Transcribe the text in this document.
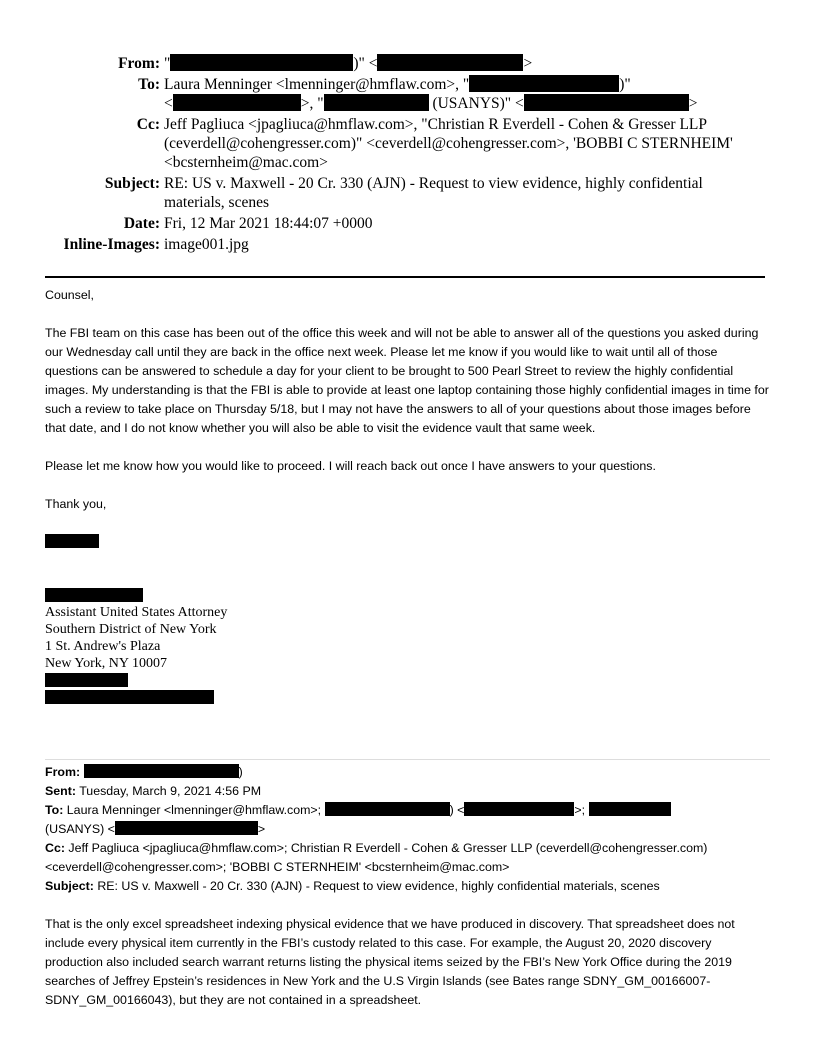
From: "	)" <	>
To: Laura Menninger <lmenninger@hmflaw.com>, "	)"
<	>, "	(USANYS)" <	>
Cc: Jeff Pagliuca <jpagliuca@hmflaw.com>, "Christian R Everdell - Cohen & Gresser LLP (ceverdell@cohengresser.com)" <ceverdell@cohengresser.com>, 'BOBBI C STERNHEIM' <bcsternheim@mac.com>
Subject: RE: US v. Maxwell - 20 Cr. 330 (AJN) - Request to view evidence, highly confidential materials, scenes
Date: Fri, 12 Mar 2021 18:44:07 +0000
Inline-Images: image001.jpg

Counsel,

The FBI team on this case has been out of the office this week and will not be able to answer all of the questions you asked during our Wednesday call until they are back in the office next week. Please let me know if you would like to wait until all of those questions can be answered to schedule a day for your client to be brought to 500 Pearl Street to review the highly confidential images. My understanding is that the FBI is able to provide at least one laptop containing those highly confidential images in time for such a review to take place on Thursday 5/18, but I may not have the answers to all of your questions about those images before that date, and I do not know whether you will also be able to visit the evidence vault that same week.

Please let me know how you would like to proceed. I will reach back out once I have answers to your questions.

Thank you,

Assistant United States Attorney
Southern District of New York
1 St. Andrew's Plaza
New York, NY 10007
From:	)
Sent: Tuesday, March 9, 2021 4:56 PM
To: Laura Menninger <lmenninger@hmflaw.com>;	) <	>;
(USANYS) <	>
Cc: Jeff Pagliuca <jpagliuca@hmflaw.com>; Christian R Everdell - Cohen & Gresser LLP (ceverdell@cohengresser.com) <ceverdell@cohengresser.com>; 'BOBBI C STERNHEIM' <bcsternheim@mac.com>
Subject: RE: US v. Maxwell - 20 Cr. 330 (AJN) - Request to view evidence, highly confidential materials, scenes

That is the only excel spreadsheet indexing physical evidence that we have produced in discovery. That spreadsheet does not include every physical item currently in the FBI’s custody related to this case. For example, the August 20, 2020 discovery production also included search warrant returns listing the physical items seized by the FBI’s New York Office during the 2019 searches of Jeffrey Epstein’s residences in New York and the U.S Virgin Islands (see Bates range SDNY_GM_00166007-SDNY_GM_00166043), but they are not contained in a spreadsheet.
